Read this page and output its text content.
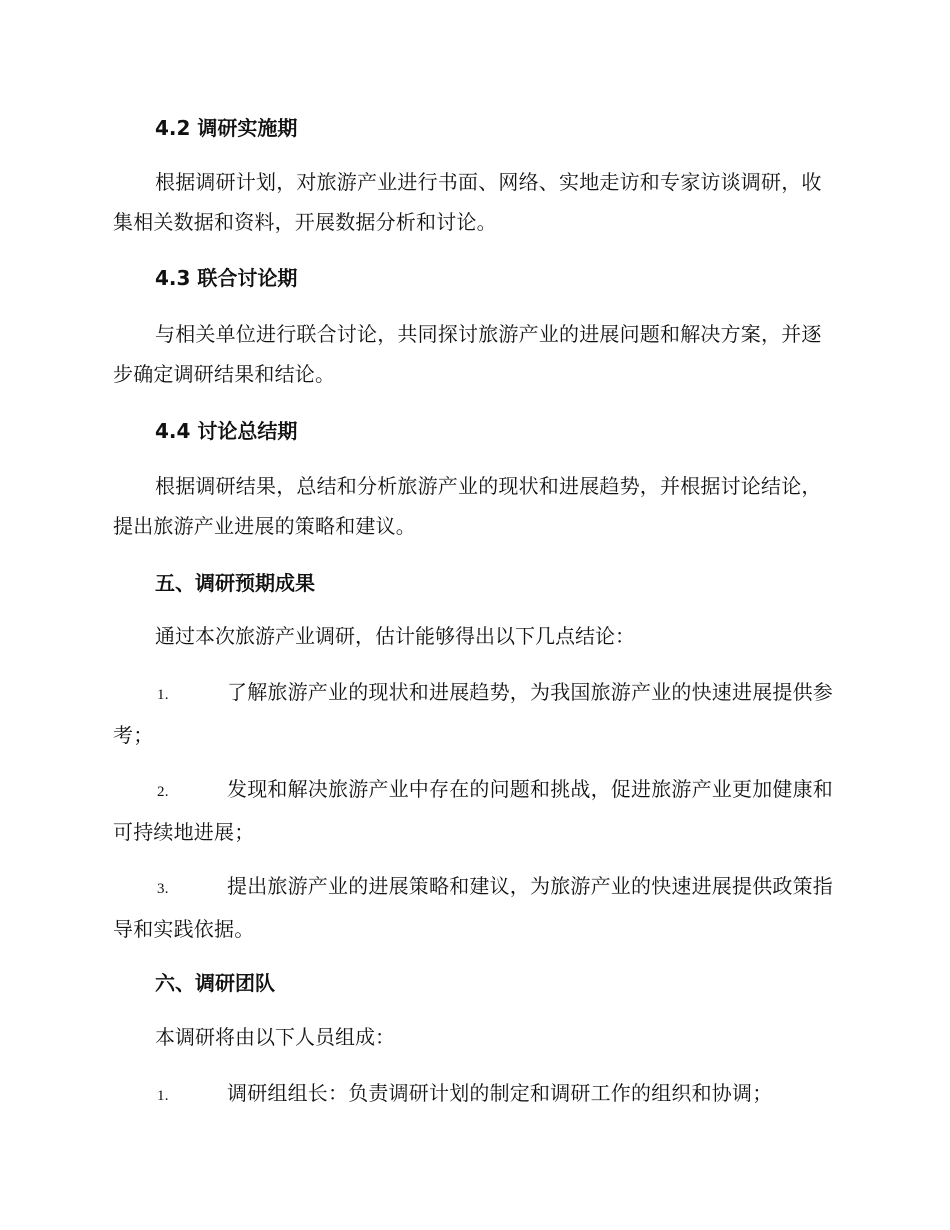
4.2 调研实施期
根据调研计划，对旅游产业进行书面、网络、实地走访和专家访谈调研，收集相关数据和资料，开展数据分析和讨论。
4.3 联合讨论期
与相关单位进行联合讨论，共同探讨旅游产业的进展问题和解决方案，并逐步确定调研结果和结论。
4.4 讨论总结期
根据调研结果，总结和分析旅游产业的现状和进展趋势，并根据讨论结论，提出旅游产业进展的策略和建议。
五、调研预期成果
通过本次旅游产业调研，估计能够得出以下几点结论：
1.	了解旅游产业的现状和进展趋势，为我国旅游产业的快速进展提供参考；
2.	发现和解决旅游产业中存在的问题和挑战，促进旅游产业更加健康和可持续地进展；
3.	提出旅游产业的进展策略和建议，为旅游产业的快速进展提供政策指导和实践依据。
六、调研团队
本调研将由以下人员组成：
1.	调研组组长：负责调研计划的制定和调研工作的组织和协调；
